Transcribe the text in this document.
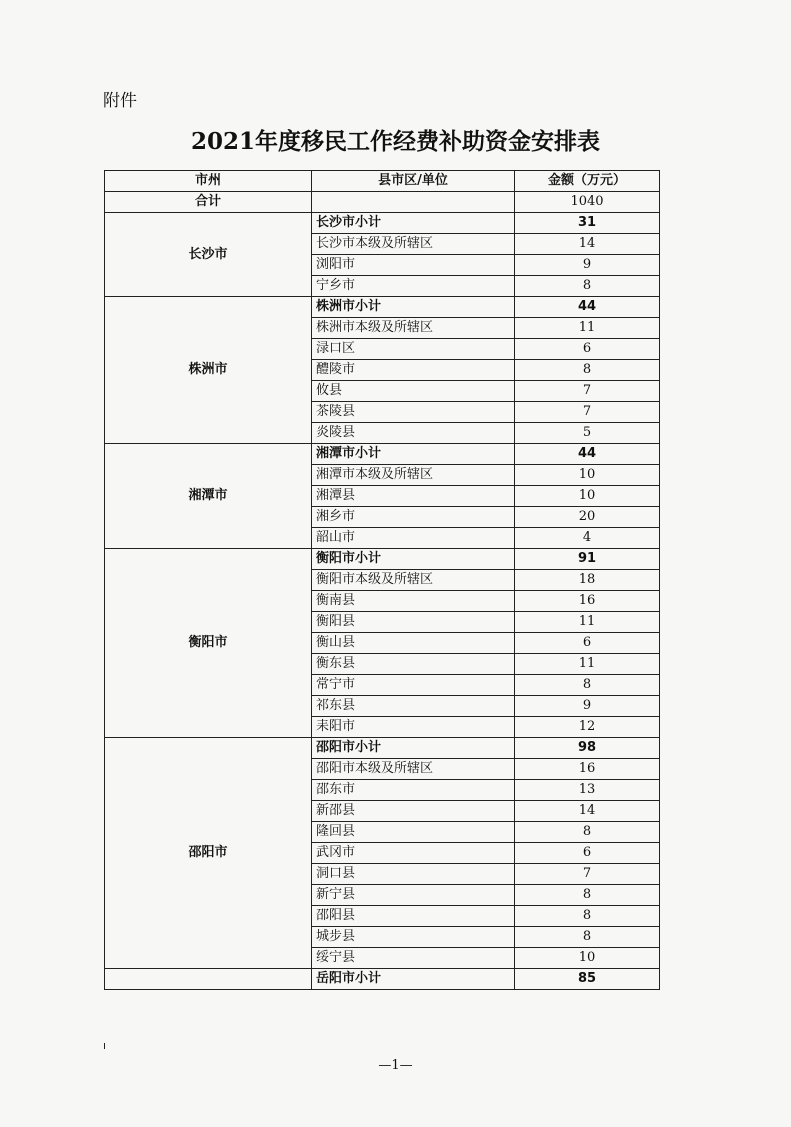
附件
2021年度移民工作经费补助资金安排表
市州	县市区/单位	金额（万元）
合计		1040
长沙市	长沙市小计	31
	长沙市本级及所辖区	14
	浏阳市	9
	宁乡市	8
株洲市	株洲市小计	44
	株洲市本级及所辖区	11
	渌口区	6
	醴陵市	8
	攸县	7
	茶陵县	7
	炎陵县	5
湘潭市	湘潭市小计	44
	湘潭市本级及所辖区	10
	湘潭县	10
	湘乡市	20
	韶山市	4
衡阳市	衡阳市小计	91
	衡阳市本级及所辖区	18
	衡南县	16
	衡阳县	11
	衡山县	6
	衡东县	11
	常宁市	8
	祁东县	9
	耒阳市	12
邵阳市	邵阳市小计	98
	邵阳市本级及所辖区	16
	邵东市	13
	新邵县	14
	隆回县	8
	武冈市	6
	洞口县	7
	新宁县	8
	邵阳县	8
	城步县	8
	绥宁县	10
	岳阳市小计	85
—1—
